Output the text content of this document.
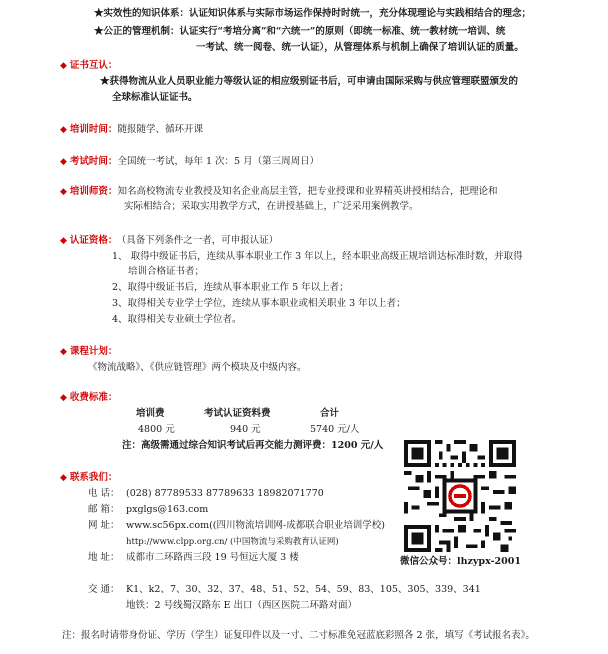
★实效性的知识体系：认证知识体系与实际市场运作保持时时统一，充分体现理论与实践相结合的理念；
★公正的管理机制：认证实行“考培分离”和“六统一”的原则（即统一标准、统一教材统一培训、统
一考试、统一阅卷、统一认证），从管理体系与机制上确保了培训认证的质量。
◆ 证书互认：
★获得物流从业人员职业能力等级认证的相应级别证书后，可申请由国际采购与供应管理联盟颁发的
全球标准认证证书。
◆ 培训时间：随报随学、循环开课
◆ 考试时间：全国统一考试，每年 1 次：5 月（第三周周日）
◆ 培训师资：知名高校物流专业教授及知名企业高层主管，把专业授课和业界精英讲授相结合，把理论和
实际相结合；采取实用教学方式，在讲授基础上，广泛采用案例教学。
◆ 认证资格： （具备下列条件之一者，可申报认证）
1、 取得中级证书后，连续从事本职业工作 3 年以上，经本职业高级正规培训达标准时数，并取得
培训合格证书者；
2、取得中级证书后，连续从事本职业工作 5 年以上者；
3、取得相关专业学士学位，连续从事本职业或相关职业 3 年以上者；
4、取得相关专业硕士学位者。
◆ 课程计划：
《物流战略》、《供应链管理》两个模块及中级内容。
◆ 收费标准：
培训费	考试认证资料费	合计
4800 元	940 元	5740 元/人
注：高级需通过综合知识考试后再交能力测评费：1200 元/人
◆ 联系我们：
电 话： (028) 87789533 87789633 18982071770
邮 箱： pxglgs@163.com
网 址： www.sc56px.com((四川物流培训网-成都联合职业培训学校)
http://www.clpp.org.cn/ (中国物流与采购教育认证网)
地 址： 成都市二环路西三段 19 号恒远大厦 3 楼	微信公众号：lhzypx-2001
交 通： K1、k2、7、30、32、37、48、51、52、54、59、83、105、305、339、341
地铁：2 号线蜀汉路东 E 出口（西区医院二环路对面）
注：报名时请带身份证、学历（学生）证复印件以及一寸、二寸标准免冠蓝底彩照各 2 张，填写《考试报名表》。
